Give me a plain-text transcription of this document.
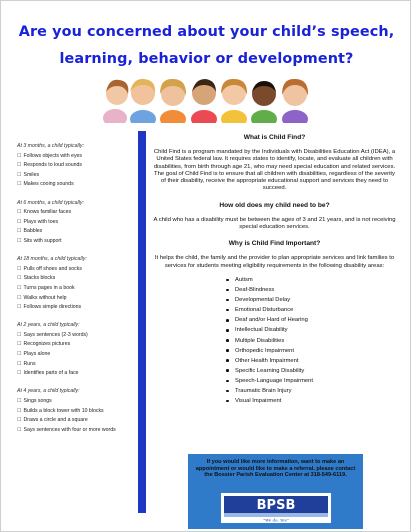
Are you concerned about your child’s speech, learning, behavior or development?
At 3 months, a child typically:
☐ Follows objects with eyes
☐ Responds to loud sounds
☐ Smiles
☐ Makes cooing sounds
At 6 months, a child typically:
☐ Knows familiar faces
☐ Plays with toes
☐ Babbles
☐ Sits with support
At 18 months, a child typically:
☐ Pulls off shoes and socks
☐ Stacks blocks
☐ Turns pages in a book
☐ Walks without help
☐ Follows simple directions
At 2 years, a child typically:
☐ Says sentences (2-3 words)
☐ Recognizes pictures
☐ Plays alone
☐ Runs
☐ Identifies parts of a face
At 4 years, a child typically:
☐ Sings songs
☐ Builds a block tower with 10 blocks
☐ Draws a circle and a square
☐ Says sentences with four or more words
What is Child Find?

Child Find is a program mandated by the Individuals with Disabilities Education Act (IDEA), a United States federal law. It requires states to identify, locate, and evaluate all children with disabilities, from birth through age 21, who may need special education and related services. The goal of Child Find is to ensure that all children with disabilities, regardless of the severity of their disability, receive the appropriate educational support and services they need to succeed.

How old does my child need to be?

A child who has a disability must be between the ages of 3 and 21 years, and is not receiving special education services.

Why is Child Find Important?

It helps the child, the family and the provider to plan appropriate services and link families to services for students meeting eligibility requirements in the following disability areas:

Autism
Deaf-Blindness
Developmental Delay
Emotional Disturbance
Deaf and/or Hard of Hearing
Intellectual Disability
Multiple Disabilities
Orthopedic Impairment
Other Health Impairment
Specific Learning Disability
Speech-Language Impairment
Traumatic Brain Injury
Visual Impairment
If you would like more information, want to make an appointment or would like to make a referral, please contact the Bossier Parish Evaluation Center at 318-549-6119.
BPSB
"We do, Yes"
